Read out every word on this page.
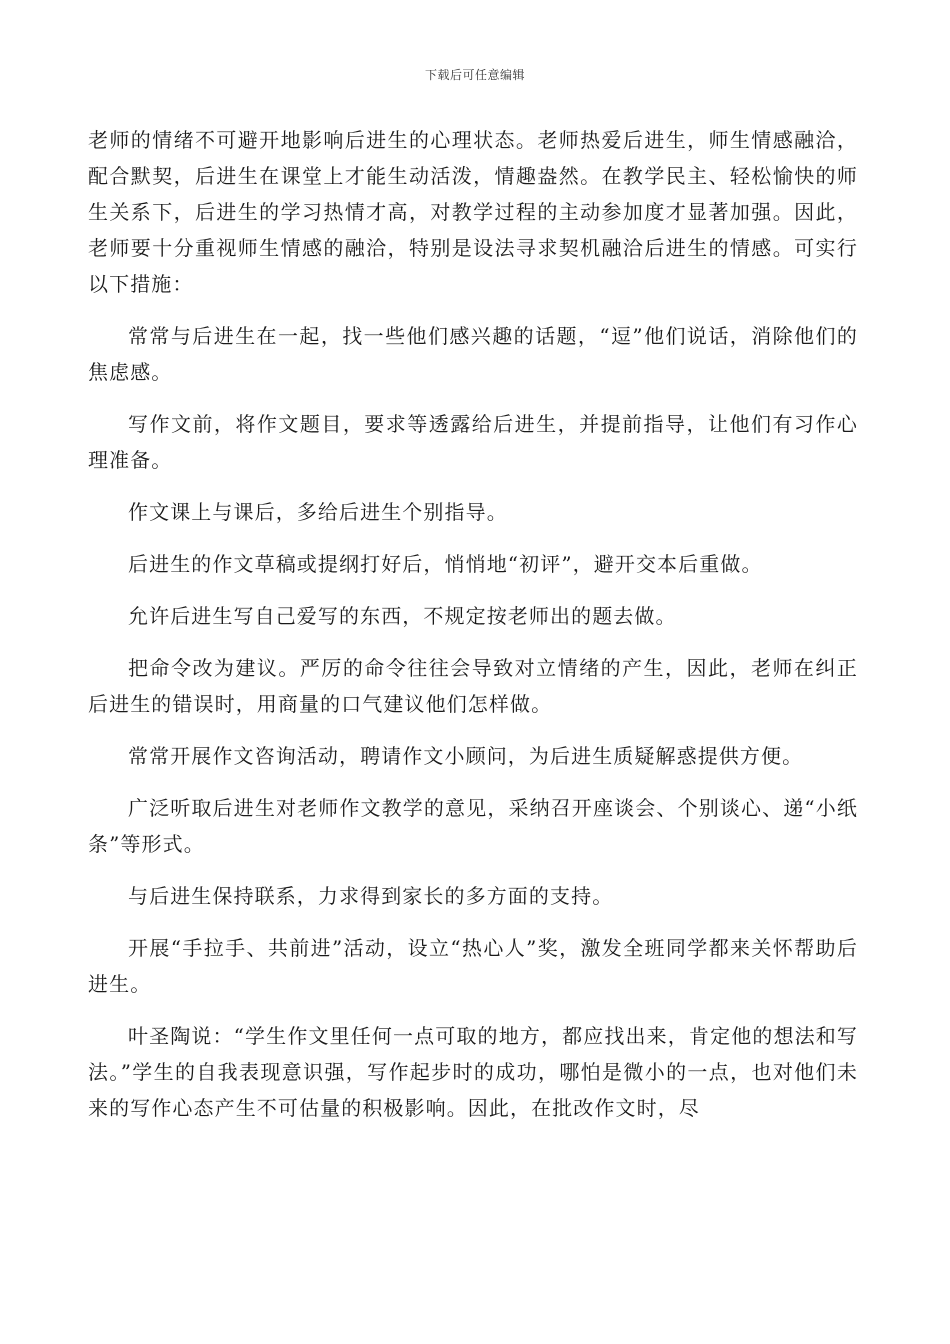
下载后可任意编辑

老师的情绪不可避开地影响后进生的心理状态。老师热爱后进生，师生情感融洽，配合默契，后进生在课堂上才能生动活泼，情趣盎然。在教学民主、轻松愉快的师生关系下，后进生的学习热情才高，对教学过程的主动参加度才显著加强。因此，老师要十分重视师生情感的融洽，特别是设法寻求契机融洽后进生的情感。可实行以下措施：

常常与后进生在一起，找一些他们感兴趣的话题，“逗”他们说话，消除他们的焦虑感。

写作文前，将作文题目，要求等透露给后进生，并提前指导，让他们有习作心理准备。

作文课上与课后，多给后进生个别指导。

后进生的作文草稿或提纲打好后，悄悄地“初评”，避开交本后重做。

允许后进生写自己爱写的东西，不规定按老师出的题去做。

把命令改为建议。严厉的命令往往会导致对立情绪的产生，因此，老师在纠正后进生的错误时，用商量的口气建议他们怎样做。

常常开展作文咨询活动，聘请作文小顾问，为后进生质疑解惑提供方便。

广泛听取后进生对老师作文教学的意见，采纳召开座谈会、个别谈心、递“小纸条”等形式。

与后进生保持联系，力求得到家长的多方面的支持。

开展“手拉手、共前进”活动，设立“热心人”奖，激发全班同学都来关怀帮助后进生。

叶圣陶说：“学生作文里任何一点可取的地方，都应找出来，肯定他的想法和写法。”学生的自我表现意识强，写作起步时的成功，哪怕是微小的一点，也对他们未来的写作心态产生不可估量的积极影响。因此，在批改作文时，尽
